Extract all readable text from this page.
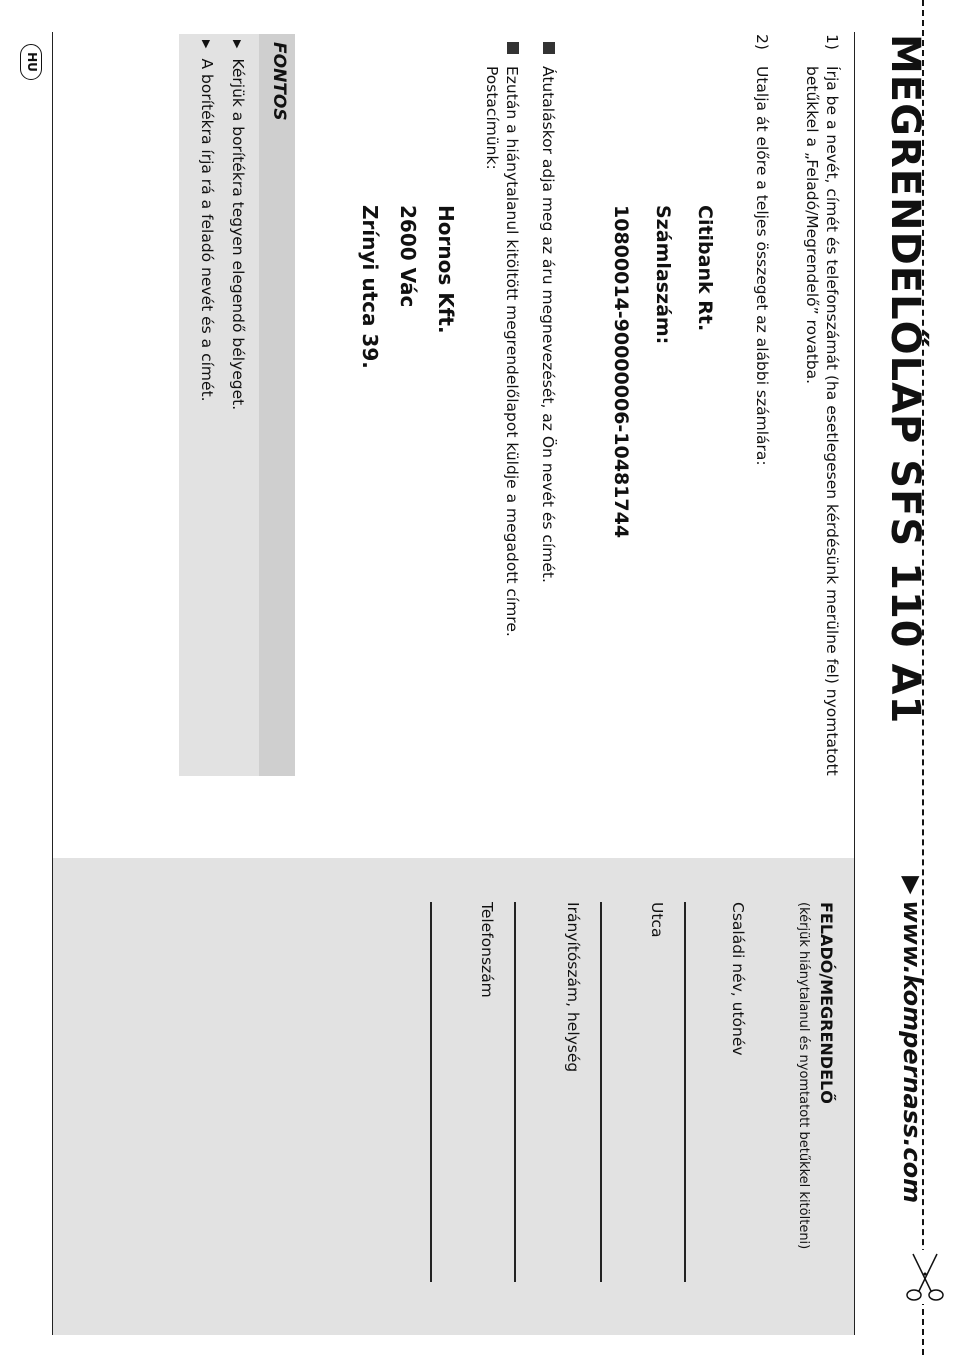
HU	MEGRENDELŐLAP SFS 110 A1
▶www.kompernass.com
1)
Írja be a nevét, címét és telefonszámát (ha esetlegesen kérdésünk merülne fel) nyomtatott betűkkel a „Feladó/Megrendelő” rovatba.
2)
Utalja át előre a teljes összeget az alábbi számlára:
Citibank Rt.
Számlaszám:
10800014-90000006-10481744
Átutaláskor adja meg az áru megnevezését, az Ön nevét és címét.
Ezután a hiánytalanul kitöltött megrendelőlapot küldje a megadott címre. Postacímünk:
Hornos Kft.
2600 Vác
Zrínyi utca 39.
FONTOS
▶Kérjük a borítékra tegyen elegendő bélyeget.
▶A borítékra írja rá a feladó nevét és a címét.
FELADÓ/MEGRENDELŐ
(kérjük hiánytalanul és nyomtatott betűkkel kitölteni)
Családi név, utónév
Utca
Irányítószám, helység
Telefonszám
